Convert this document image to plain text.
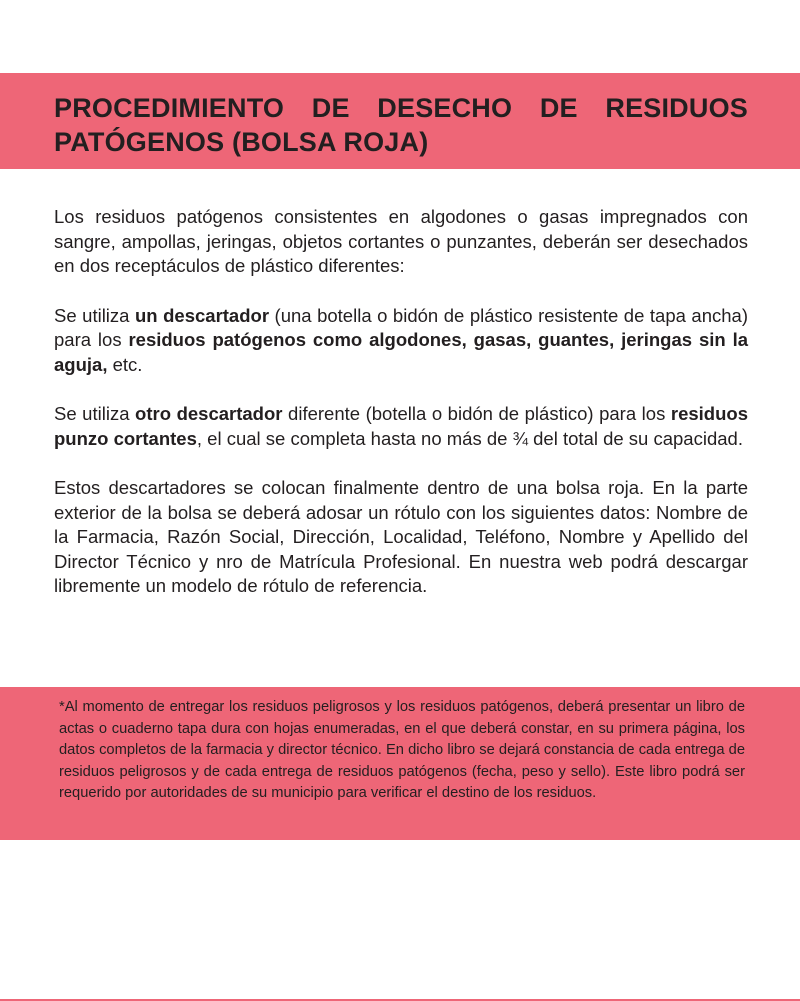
PROCEDIMIENTO DE DESECHO DE RESIDUOS PATÓGENOS (BOLSA ROJA)

Los residuos patógenos consistentes en algodones o gasas impregnados con sangre, ampollas, jeringas, objetos cortantes o punzantes, deberán ser desechados en dos receptáculos de plástico diferentes:

Se utiliza un descartador (una botella o bidón de plástico resistente de tapa ancha) para los residuos patógenos como algodones, gasas, guantes, jeringas sin la aguja, etc.

Se utiliza otro descartador diferente (botella o bidón de plástico) para los residuos punzo cortantes, el cual se completa hasta no más de ¾ del total de su capacidad.

Estos descartadores se colocan finalmente dentro de una bolsa roja. En la parte exterior de la bolsa se deberá adosar un rótulo con los siguientes datos: Nombre de la Farmacia, Razón Social, Dirección, Localidad, Teléfono, Nombre y Apellido del Director Técnico y nro de Matrícula Profesional. En nuestra web podrá descargar libremente un modelo de rótulo de referencia.

*Al momento de entregar los residuos peligrosos y los residuos patógenos, deberá presentar un libro de actas o cuaderno tapa dura con hojas enumeradas, en el que deberá constar, en su primera página, los datos completos de la farmacia y director técnico. En dicho libro se dejará constancia de cada entrega de residuos peligrosos y de cada entrega de residuos patógenos (fecha, peso y sello). Este libro podrá ser requerido por autoridades de su municipio para verificar el destino de los residuos.
